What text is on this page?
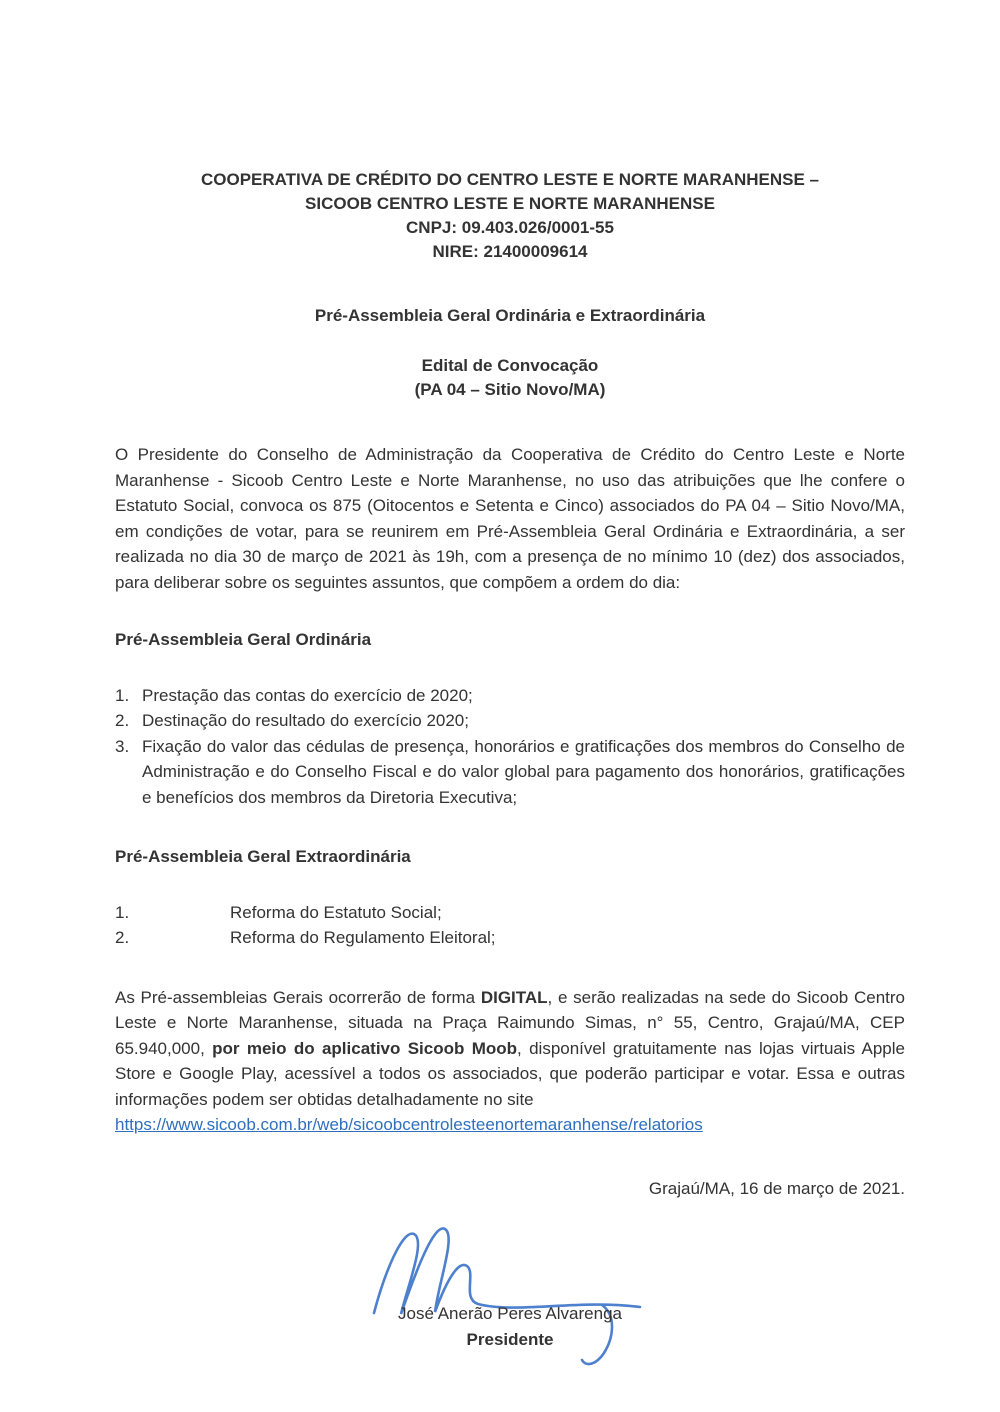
COOPERATIVA DE CRÉDITO DO CENTRO LESTE E NORTE MARANHENSE –
SICOOB CENTRO LESTE E NORTE MARANHENSE
CNPJ: 09.403.026/0001-55
NIRE: 21400009614
Pré-Assembleia Geral Ordinária e Extraordinária
Edital de Convocação
(PA 04 – Sitio Novo/MA)

O Presidente do Conselho de Administração da Cooperativa de Crédito do Centro Leste e Norte Maranhense - Sicoob Centro Leste e Norte Maranhense, no uso das atribuições que lhe confere o Estatuto Social, convoca os 875 (Oitocentos e Setenta e Cinco) associados do PA 04 – Sitio Novo/MA, em condições de votar, para se reunirem em Pré-Assembleia Geral Ordinária e Extraordinária, a ser realizada no dia 30 de março de 2021 às 19h, com a presença de no mínimo 10 (dez) dos associados, para deliberar sobre os seguintes assuntos, que compõem a ordem do dia:

Pré-Assembleia Geral Ordinária
1. Prestação das contas do exercício de 2020;
2. Destinação do resultado do exercício 2020;
3. Fixação do valor das cédulas de presença, honorários e gratificações dos membros do Conselho de Administração e do Conselho Fiscal e do valor global para pagamento dos honorários, gratificações e benefícios dos membros da Diretoria Executiva;
Pré-Assembleia Geral Extraordinária
1.	Reforma do Estatuto Social;
2.	Reforma do Regulamento Eleitoral;

As Pré-assembleias Gerais ocorrerão de forma DIGITAL, e serão realizadas na sede do Sicoob Centro Leste e Norte Maranhense, situada na Praça Raimundo Simas, n° 55, Centro, Grajaú/MA, CEP 65.940,000, por meio do aplicativo Sicoob Moob, disponível gratuitamente nas lojas virtuais Apple Store e Google Play, acessível a todos os associados, que poderão participar e votar. Essa e outras informações podem ser obtidas detalhadamente no site

https://www.sicoob.com.br/web/sicoobcentrolesteenortemaranhense/relatorios
Grajaú/MA, 16 de março de 2021.
José Anerão Peres Alvarenga
Presidente
